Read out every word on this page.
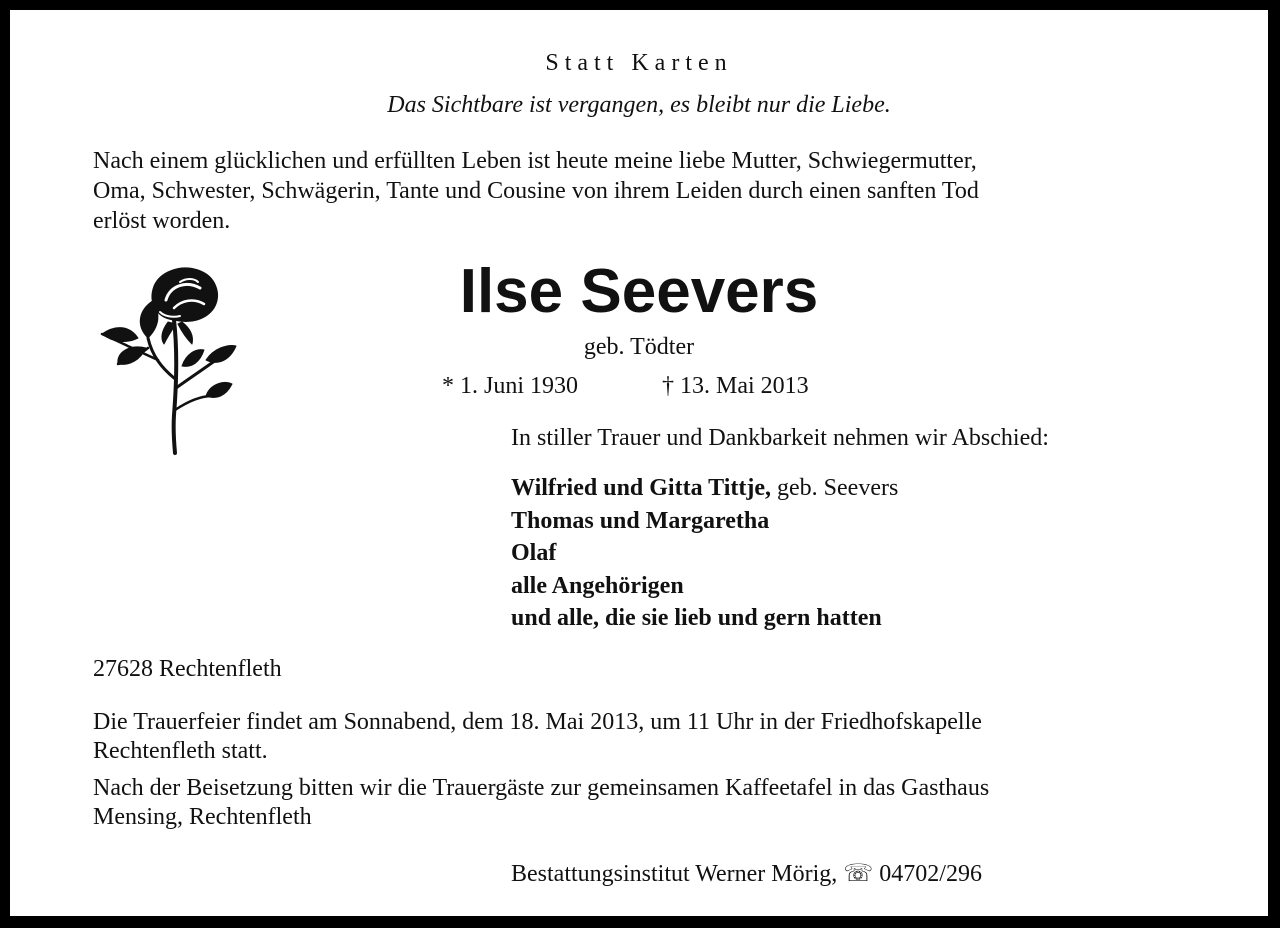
Statt Karten
Das Sichtbare ist vergangen, es bleibt nur die Liebe.
Nach einem glücklichen und erfüllten Leben ist heute meine liebe Mutter, Schwiegermutter,
Oma, Schwester, Schwägerin, Tante und Cousine von ihrem Leiden durch einen sanften Tod
erlöst worden.
Ilse Seevers
geb. Tödter
* 1. Juni 1930	† 13. Mai 2013
In stiller Trauer und Dankbarkeit nehmen wir Abschied:
Wilfried und Gitta Tittje, geb. Seevers
Thomas und Margaretha
Olaf
alle Angehörigen
und alle, die sie lieb und gern hatten
27628 Rechtenfleth
Die Trauerfeier findet am Sonnabend, dem 18. Mai 2013, um 11 Uhr in der Friedhofskapelle
Rechtenfleth statt.
Nach der Beisetzung bitten wir die Trauergäste zur gemeinsamen Kaffeetafel in das Gasthaus
Mensing, Rechtenfleth
Bestattungsinstitut Werner Mörig, ☏ 04702/296
